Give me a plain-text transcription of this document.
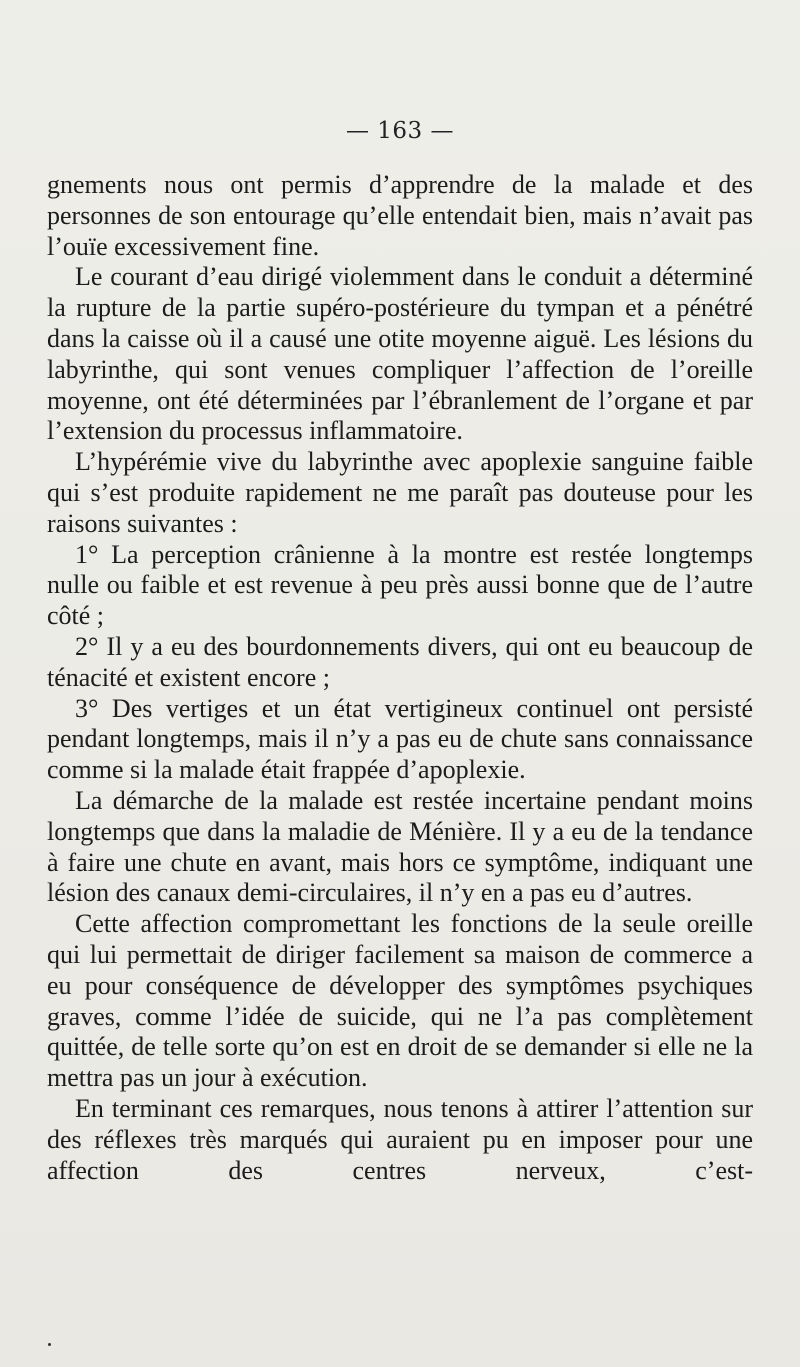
— 163 —

gnements nous ont permis d’apprendre de la malade et des personnes de son entourage qu’elle entendait bien, mais n’avait pas l’ouïe excessivement fine.

Le courant d’eau dirigé violemment dans le conduit a déterminé la rupture de la partie supéro-postérieure du tympan et a pénétré dans la caisse où il a causé une otite moyenne aiguë. Les lésions du labyrinthe, qui sont venues compliquer l’affection de l’oreille moyenne, ont été déterminées par l’ébranlement de l’organe et par l’extension du processus inflammatoire.

L’hypérémie vive du labyrinthe avec apoplexie sanguine faible qui s’est produite rapidement ne me paraît pas douteuse pour les raisons suivantes :

1° La perception crânienne à la montre est restée longtemps nulle ou faible et est revenue à peu près aussi bonne que de l’autre côté ;

2° Il y a eu des bourdonnements divers, qui ont eu beaucoup de ténacité et existent encore ;

3° Des vertiges et un état vertigineux continuel ont persisté pendant longtemps, mais il n’y a pas eu de chute sans connaissance comme si la malade était frappée d’apoplexie.

La démarche de la malade est restée incertaine pendant moins longtemps que dans la maladie de Ménière. Il y a eu de la tendance à faire une chute en avant, mais hors ce symptôme, indiquant une lésion des canaux demi-circulaires, il n’y en a pas eu d’autres.

Cette affection compromettant les fonctions de la seule oreille qui lui permettait de diriger facilement sa maison de commerce a eu pour conséquence de développer des symptômes psychiques graves, comme l’idée de suicide, qui ne l’a pas complètement quittée, de telle sorte qu’on est en droit de se demander si elle ne la mettra pas un jour à exécution.

En terminant ces remarques, nous tenons à attirer l’attention sur des réflexes très marqués qui auraient pu en imposer pour une affection des centres nerveux, c’est-
